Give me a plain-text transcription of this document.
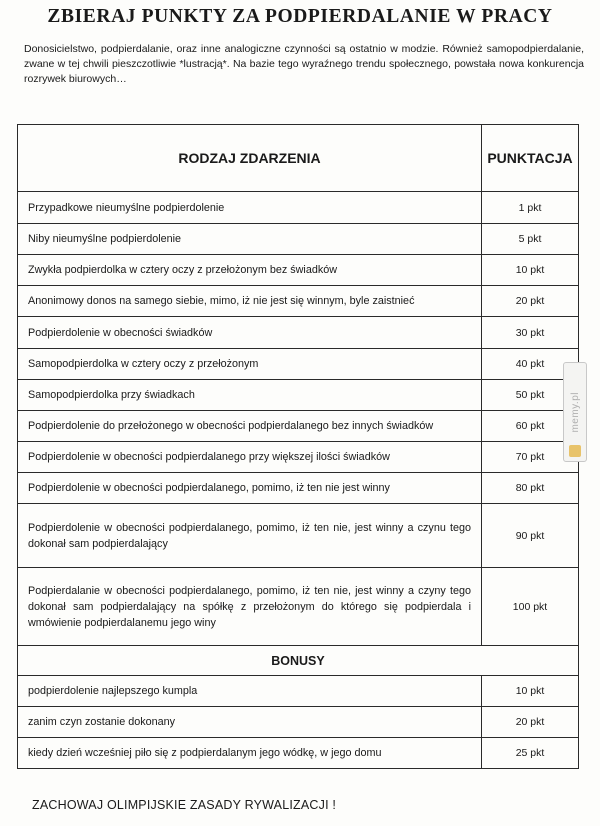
ZBIERAJ PUNKTY ZA PODPIERDALANIE W PRACY
Donosicielstwo, podpierdalanie, oraz inne analogiczne czynności są ostatnio w modzie. Również samopodpierdalanie, zwane w tej chwili pieszczotliwie *lustracją*. Na bazie tego wyraźnego trendu społecznego, powstała nowa konkurencja rozrywek biurowych…
RODZAJ ZDARZENIA	PUNKTACJA
Przypadkowe nieumyślne podpierdolenie	1 pkt
Niby nieumyślne podpierdolenie	5 pkt
Zwykła podpierdolka w cztery oczy z przełożonym bez świadków	10 pkt
Anonimowy donos na samego siebie, mimo, iż nie jest się winnym, byle zaistnieć	20 pkt
Podpierdolenie w obecności świadków	30 pkt
Samopodpierdolka w cztery oczy z przełożonym	40 pkt
Samopodpierdolka przy świadkach	50 pkt
Podpierdolenie do przełożonego w obecności podpierdalanego bez innych świadków	60 pkt
Podpierdolenie w obecności podpierdalanego przy większej ilości świadków	70 pkt
Podpierdolenie w obecności podpierdalanego, pomimo, iż ten nie jest winny	80 pkt
Podpierdolenie w obecności podpierdalanego, pomimo, iż ten nie, jest winny a czynu tego dokonał sam podpierdalający	90 pkt
Podpierdalanie w obecności podpierdalanego, pomimo, iż ten nie, jest winny a czyny tego dokonał sam podpierdalający na spółkę z przełożonym do którego się podpierdala i wmówienie podpierdalanemu jego winy	100 pkt
BONUSY	
podpierdolenie najlepszego kumpla	10 pkt
zanim czyn zostanie dokonany	20 pkt
kiedy dzień wcześniej piło się z podpierdalanym jego wódkę, w jego domu	25 pkt
ZACHOWAJ OLIMPIJSKIE ZASADY RYWALIZACJI !
memy.pl
